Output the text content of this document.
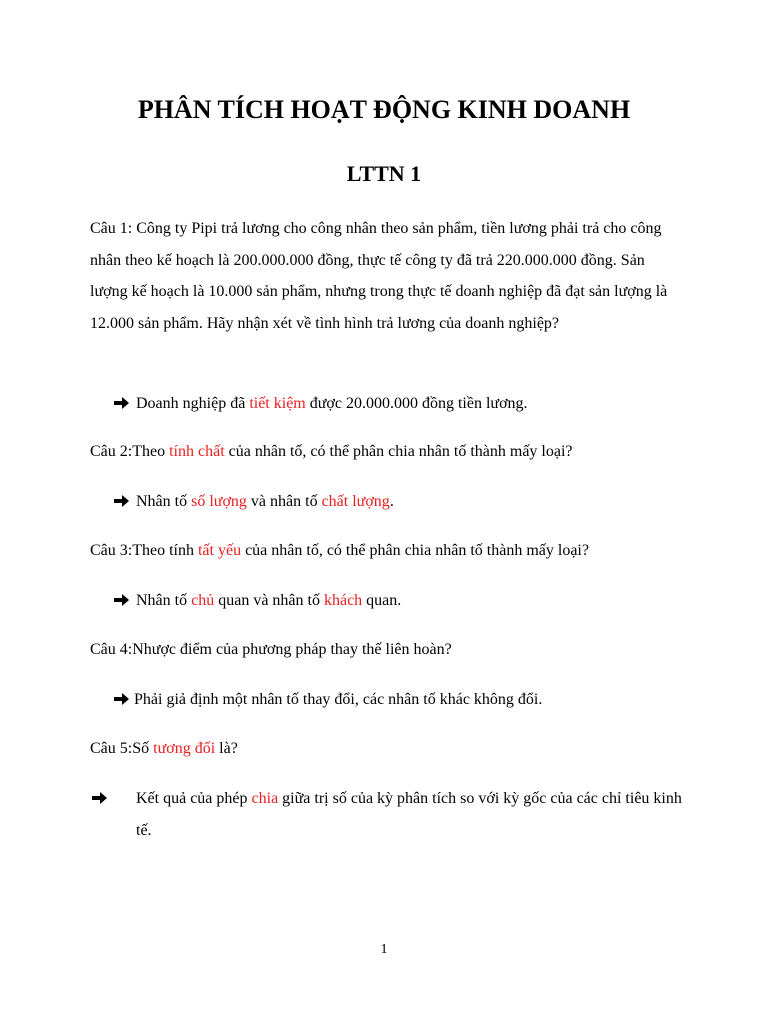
PHÂN TÍCH HOẠT ĐỘNG KINH DOANH
LTTN 1
Câu 1: Công ty Pipi trả lương cho công nhân theo sản phẩm, tiền lương phải trả cho công nhân theo kế hoạch là 200.000.000 đồng, thực tế công ty đã trả 220.000.000 đồng. Sản lượng kế hoạch là 10.000 sản phẩm, nhưng trong thực tế doanh nghiệp đã đạt sản lượng là 12.000 sản phẩm. Hãy nhận xét về tình hình trả lương của doanh nghiệp?
Doanh nghiệp đã tiết kiệm được 20.000.000 đồng tiền lương.
Câu 2:Theo tính chất của nhân tố, có thể phân chia nhân tố thành mấy loại?
Nhân tố số lượng và nhân tố chất lượng.
Câu 3:Theo tính tất yếu của nhân tố, có thể phân chia nhân tố thành mấy loại?
Nhân tố chủ quan và nhân tố khách quan.
Câu 4:Nhược điểm của phương pháp thay thế liên hoàn?
Phải giả định một nhân tố thay đổi, các nhân tố khác không đổi.
Câu 5:Số tương đối là?
Kết quả của phép chia giữa trị số của kỳ phân tích so với kỳ gốc của các chỉ tiêu kinh tế.
1
